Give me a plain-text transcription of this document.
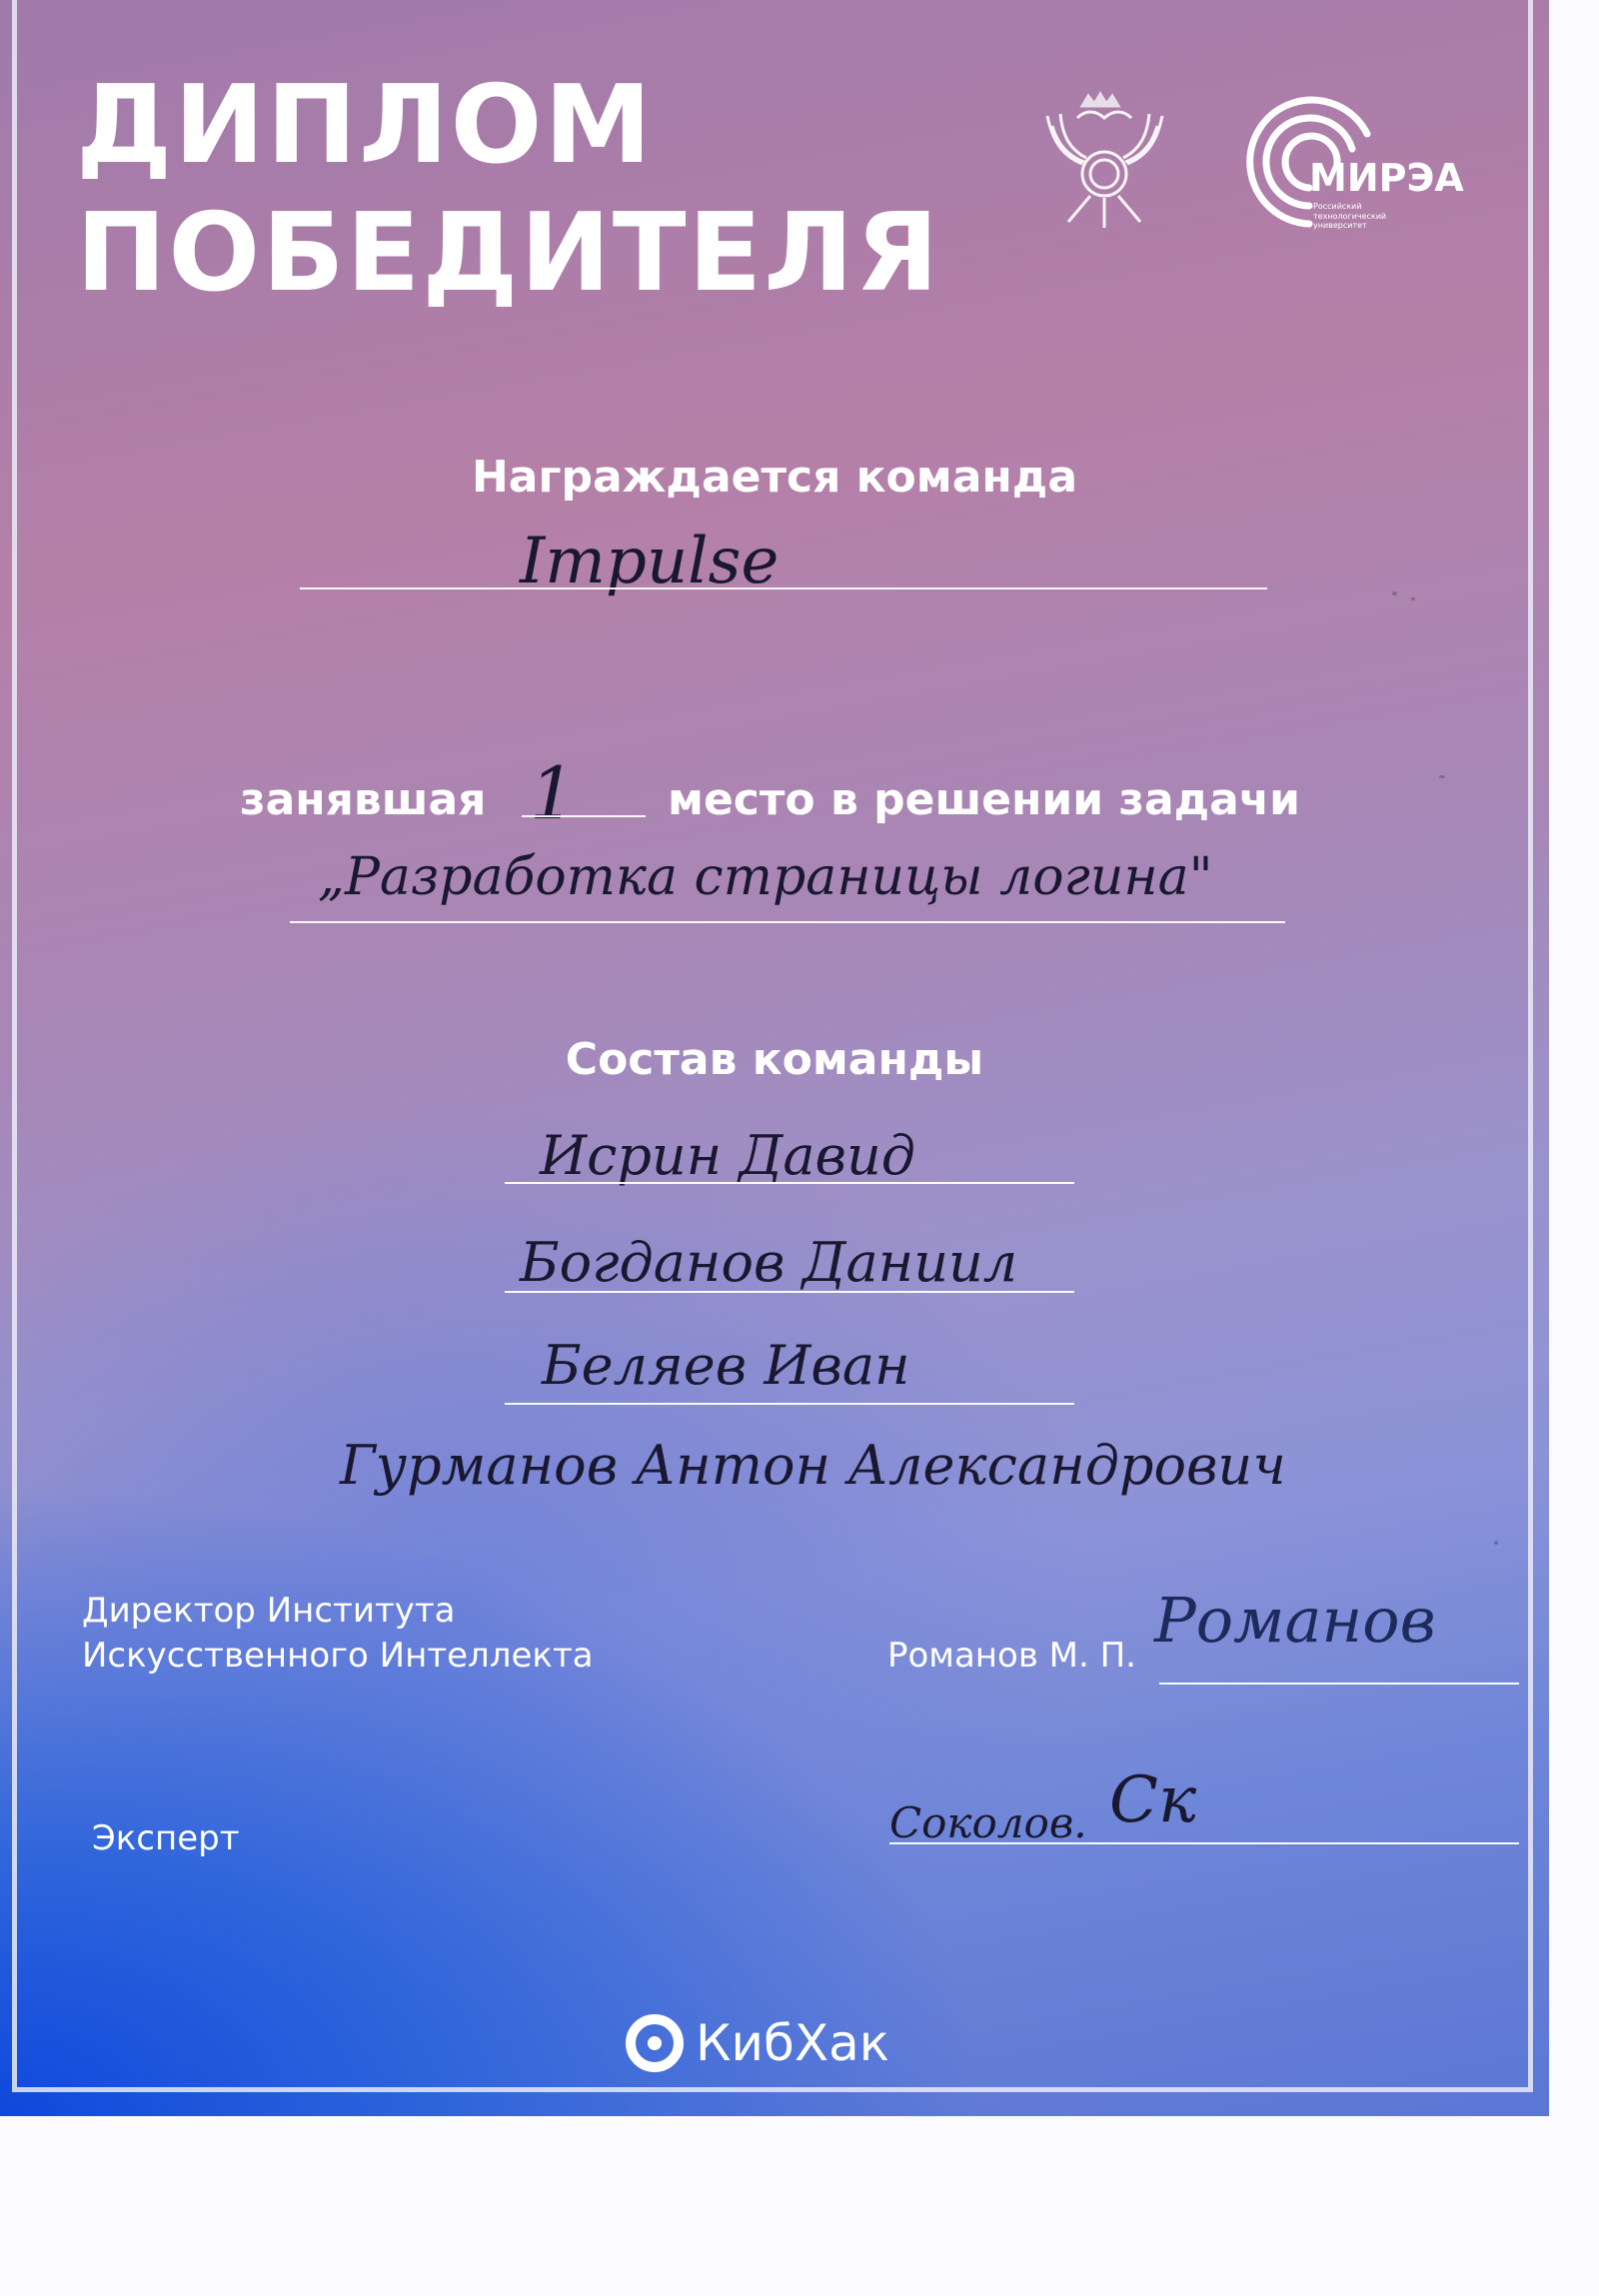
ДИПЛОМ
ПОБЕДИТЕЛЯ
МИРЭА
Российский технологический университет
Награждается команда
Impulse
занявшая 1 место в решении задачи
„Разработка страницы логина"
Состав команды
Исрин Давид
Богданов Даниил
Беляев Иван
Гурманов Антон Александрович
Директор Института
Искусственного Интеллекта	Романов М. П. Романов
Эксперт	Соколов. Ск
КибХак
